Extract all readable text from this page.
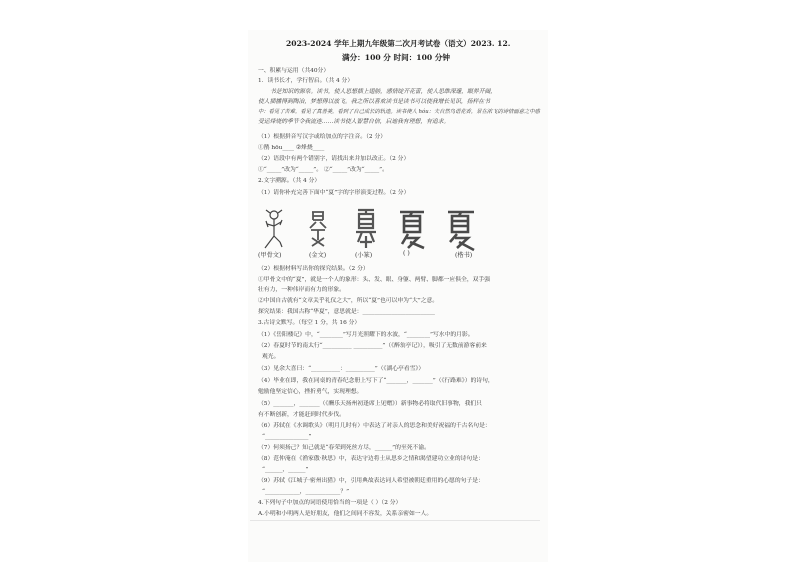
2023-2024 学年上期九年级第二次月考试卷（语文）2023. 12.
满分：100 分 时间：100 分钟
一、积累与运用（共40分）
1．读书长才，学行智启。（共 4 分）
书是知识的源泉。读书，使人思想插上翅膀，感情绽开花蕾，使人思维深邃，眼界开阔，
使人插播得到陶冶，梦想得以放飞。我之所以喜欢读书是读书可以使我增长见识，扬样在书
中：看见了苦难，看见了真善美，看到了自己成长的轨迹。读书使人 hóu：夫自然鸟语花香，景在浓飞的诗情画意之中感
受运烽烧的季节令我流连……读书使人智慧自信，启迪我有理想，有追求。
（1）根据拼音写汉字或给加点的字注音。（2 分）
①鹊 hōu____ ②烽烧____
（2）语段中有两个错别字，请找出来并加以改正。（2 分）
①“_____”改为“_____”。 ②“_____”改为“_____”。
2.文字溯源。（共 4 分）
（1）请你补充完善下面中“夏”字的字形演变过程。（2 分）
(甲骨文)	(金文)	(小篆)	( )	(楷书)
（2）根据材料写出你的探究结果。（2 分）
①甲骨文中的“夏”，就是一个人的象形：头、发、眼、身躯、两臂、脚都一应俱全，双手强
壮有力，一种伟岸而有力的形象。
②中国自古就有“文章关乎礼仪之大”，所以“夏”也可以申为“大”之意。
探究结果：我国古称“华夏”，意思就是：_________________________
3.古诗文默写。（每空 1 分，共 16 分）
（1）《岳阳楼记》中，“________”写月光照耀下的水波，“________”写水中的月影。
（2）春夏时节的南太行“__________ __________”（《醉翁亭记》），吸引了无数前游客前来
观光。
（3）见余大喜曰：“__________：__________”（《湖心亭看雪》）
（4）毕业在即，我在同桌的青春纪念册上写下了“_______，_______”（《行路难》）的诗句，
勉励他坚定信心，挫折勇气，实现理想。
（5）_______，_______（《酬乐天扬州初逢席上见赠》）新事物必将取代旧事物，我们只
有不断创新，才能赶到时代步伐。
（6）苏轼在《水调歌头》（明月几时有）中表达了对亲人的思念和美好祝福的千古名句是：
“_______________”
（7）何须扬己？知己就是“春荣到死丝方尽，______”的至死不渝。
（8）范仲淹在《渔家傲·秋思》中，表达守边将士从思乡之情和渴望建功立业的诗句是：
“______，______”
（9）苏轼《江城子·密州出猎》中，引用典故表达词人希望被朝廷重用的心愿的句子是：
“____________，____________？”
4.下列句子中加点的词语使用恰当的一项是（ ）（2 分）
A.小明和小明两人是好朋友，他们之间同不容发，关系亲密如一人。
